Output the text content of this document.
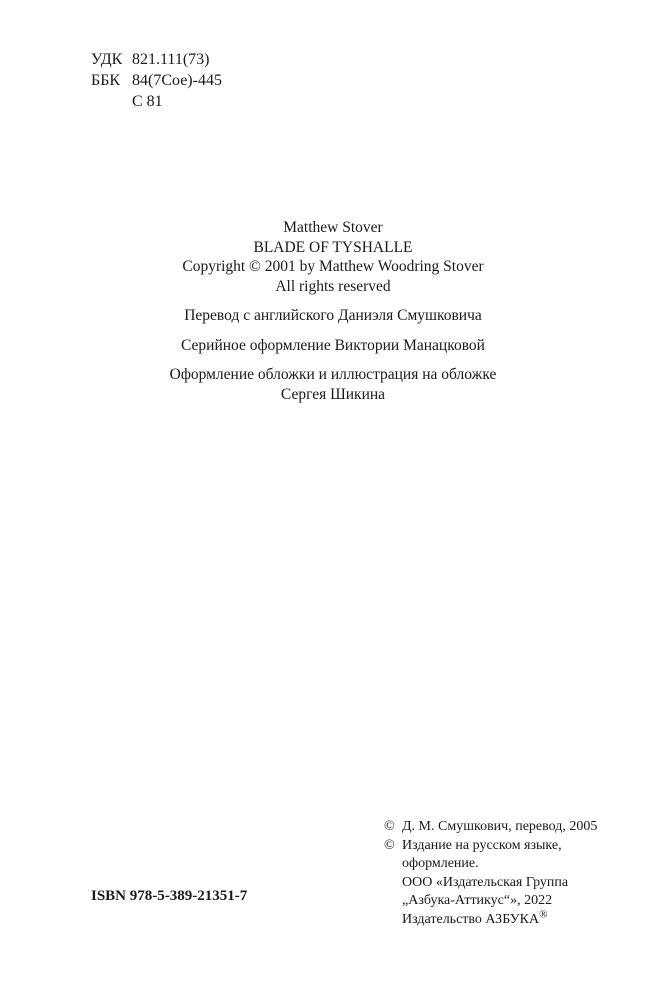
УДК 821.111(73)
ББК 84(7Сое)-445
С 81
Matthew Stover
BLADE OF TYSHALLE
Copyright © 2001 by Matthew Woodring Stover
All rights reserved
Перевод с английского Даниэля Смушковича
Серийное оформление Виктории Манацковой
Оформление обложки и иллюстрация на обложке
Сергея Шикина
© Д. М. Смушкович, перевод, 2005
© Издание на русском языке,
оформление.
ООО «Издательская Группа
„Азбука-Аттикус“», 2022
Издательство АЗБУКА®
ISBN 978-5-389-21351-7
